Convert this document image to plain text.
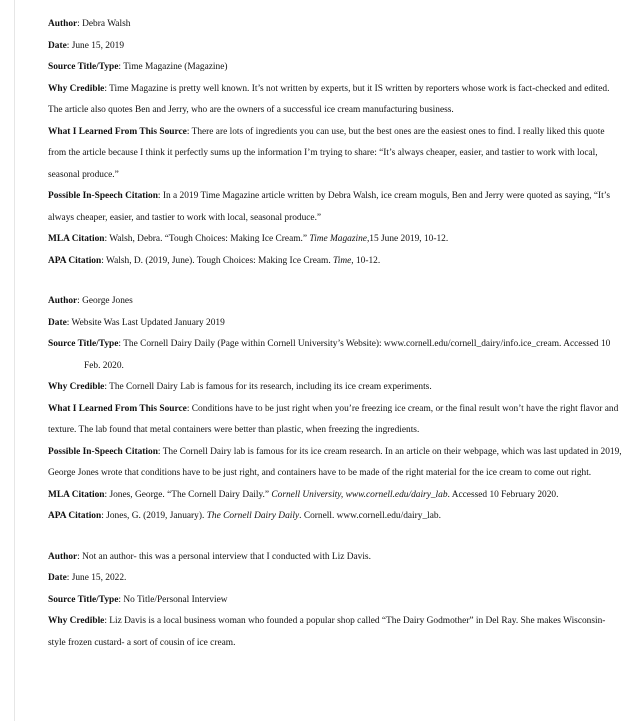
Author: Debra Walsh

Date: June 15, 2019

Source Title/Type: Time Magazine (Magazine)

Why Credible: Time Magazine is pretty well known. It’s not written by experts, but it IS written by reporters whose work is fact-checked and edited. The article also quotes Ben and Jerry, who are the owners of a successful ice cream manufacturing business.

What I Learned From This Source: There are lots of ingredients you can use, but the best ones are the easiest ones to find. I really liked this quote from the article because I think it perfectly sums up the information I’m trying to share: “It’s always cheaper, easier, and tastier to work with local, seasonal produce.”

Possible In-Speech Citation: In a 2019 Time Magazine article written by Debra Walsh, ice cream moguls, Ben and Jerry were quoted as saying, “It’s always cheaper, easier, and tastier to work with local, seasonal produce.”

MLA Citation: Walsh, Debra. “Tough Choices: Making Ice Cream.” Time Magazine,15 June 2019, 10-12.

APA Citation: Walsh, D. (2019, June). Tough Choices: Making Ice Cream. Time, 10-12.

Author: George Jones

Date: Website Was Last Updated January 2019

Source Title/Type: The Cornell Dairy Daily (Page within Cornell University’s Website): www.cornell.edu/cornell_dairy/info.ice_cream. Accessed 10 Feb. 2020.

Why Credible: The Cornell Dairy Lab is famous for its research, including its ice cream experiments.

What I Learned From This Source: Conditions have to be just right when you’re freezing ice cream, or the final result won’t have the right flavor and texture. The lab found that metal containers were better than plastic, when freezing the ingredients.

Possible In-Speech Citation: The Cornell Dairy lab is famous for its ice cream research. In an article on their webpage, which was last updated in 2019, George Jones wrote that conditions have to be just right, and containers have to be made of the right material for the ice cream to come out right.

MLA Citation: Jones, George. “The Cornell Dairy Daily.” Cornell University, www.cornell.edu/dairy_lab. Accessed 10 February 2020.

APA Citation: Jones, G. (2019, January). The Cornell Dairy Daily. Cornell. www.cornell.edu/dairy_lab.

Author: Not an author- this was a personal interview that I conducted with Liz Davis.

Date: June 15, 2022.

Source Title/Type: No Title/Personal Interview

Why Credible: Liz Davis is a local business woman who founded a popular shop called “The Dairy Godmother” in Del Ray. She makes Wisconsin-style frozen custard- a sort of cousin of ice cream.
